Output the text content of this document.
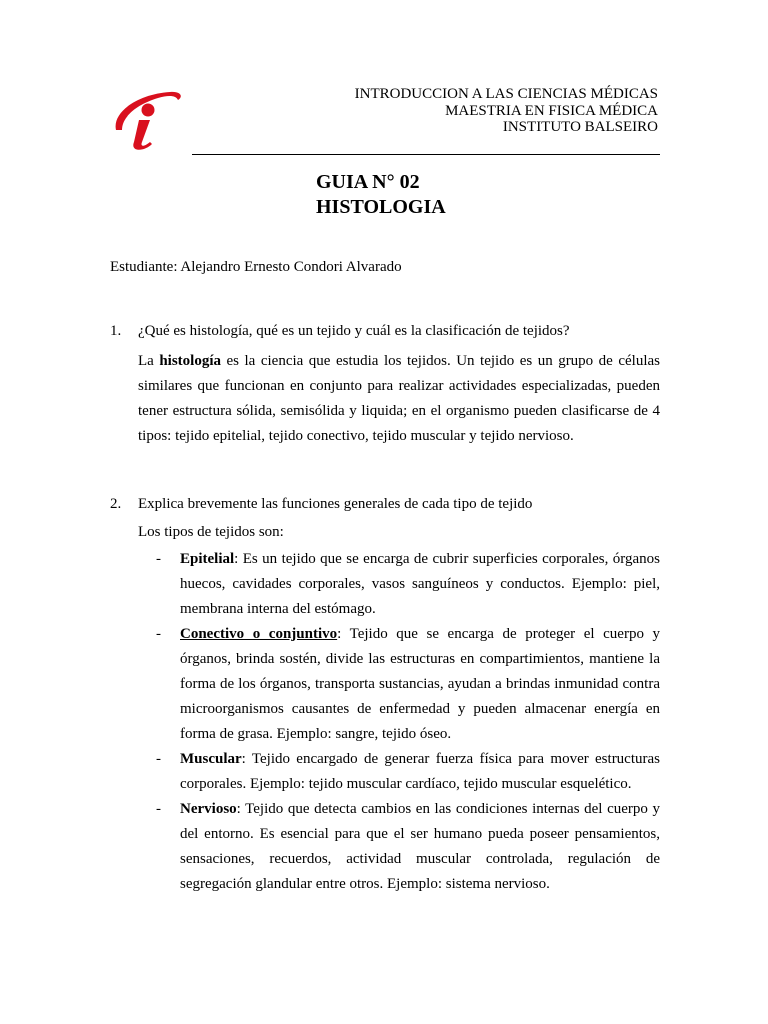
INTRODUCCION A LAS CIENCIAS MÉDICAS
MAESTRIA EN FISICA MÉDICA
INSTITUTO BALSEIRO
GUIA N° 02
HISTOLOGIA
Estudiante: Alejandro Ernesto Condori Alvarado
1. ¿Qué es histología, qué es un tejido y cuál es la clasificación de tejidos?
La histología es la ciencia que estudia los tejidos. Un tejido es un grupo de células similares que funcionan en conjunto para realizar actividades especializadas, pueden tener estructura sólida, semisólida y liquida; en el organismo pueden clasificarse de 4 tipos: tejido epitelial, tejido conectivo, tejido muscular y tejido nervioso.
2. Explica brevemente las funciones generales de cada tipo de tejido
Los tipos de tejidos son:
- Epitelial: Es un tejido que se encarga de cubrir superficies corporales, órganos huecos, cavidades corporales, vasos sanguíneos y conductos. Ejemplo: piel, membrana interna del estómago.
- Conectivo o conjuntivo: Tejido que se encarga de proteger el cuerpo y órganos, brinda sostén, divide las estructuras en compartimientos, mantiene la forma de los órganos, transporta sustancias, ayudan a brindas inmunidad contra microorganismos causantes de enfermedad y pueden almacenar energía en forma de grasa. Ejemplo: sangre, tejido óseo.
- Muscular: Tejido encargado de generar fuerza física para mover estructuras corporales. Ejemplo: tejido muscular cardíaco, tejido muscular esquelético.
- Nervioso: Tejido que detecta cambios en las condiciones internas del cuerpo y del entorno. Es esencial para que el ser humano pueda poseer pensamientos, sensaciones, recuerdos, actividad muscular controlada, regulación de segregación glandular entre otros. Ejemplo: sistema nervioso.
